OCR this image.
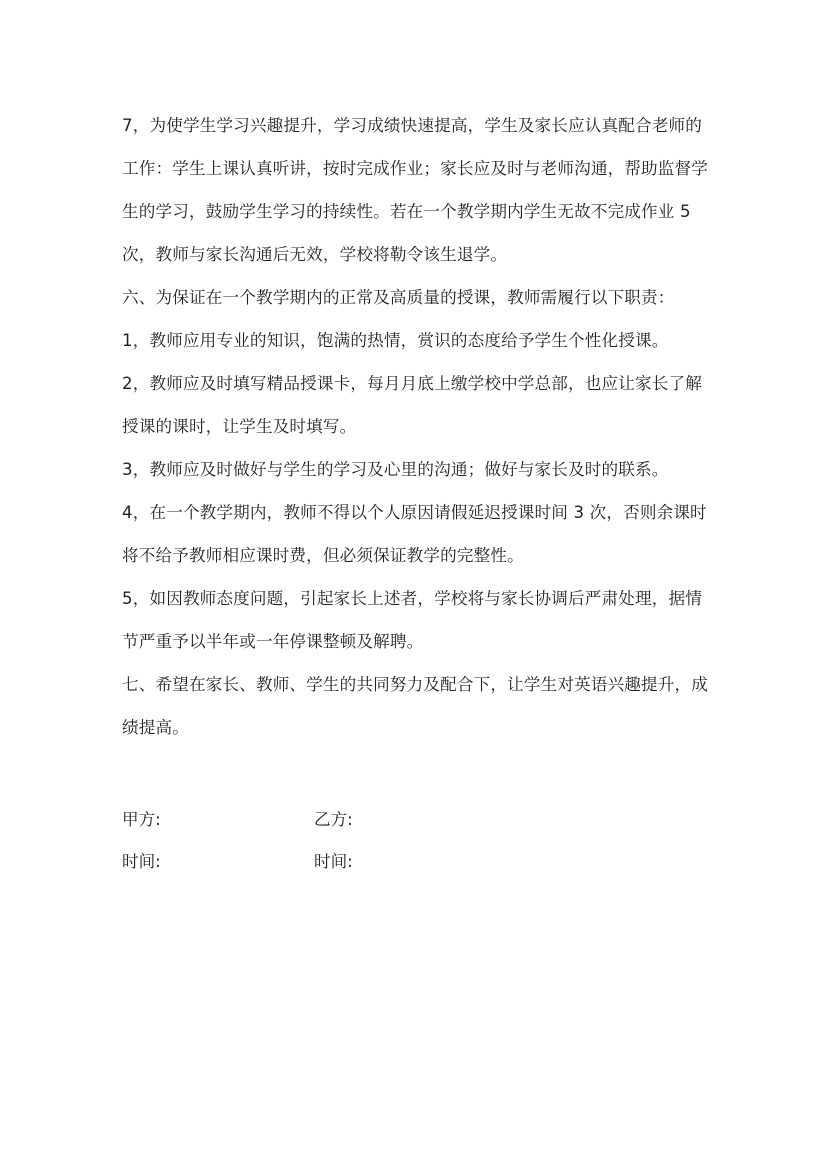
7，为使学生学习兴趣提升，学习成绩快速提高，学生及家长应认真配合老师的
工作：学生上课认真听讲，按时完成作业；家长应及时与老师沟通，帮助监督学
生的学习，鼓励学生学习的持续性。若在一个教学期内学生无故不完成作业 5
次，教师与家长沟通后无效，学校将勒令该生退学。
六、为保证在一个教学期内的正常及高质量的授课，教师需履行以下职责：
1，教师应用专业的知识，饱满的热情，赏识的态度给予学生个性化授课。
2，教师应及时填写精品授课卡，每月月底上缴学校中学总部，也应让家长了解
授课的课时，让学生及时填写。
3，教师应及时做好与学生的学习及心里的沟通；做好与家长及时的联系。
4，在一个教学期内，教师不得以个人原因请假延迟授课时间 3 次，否则余课时
将不给予教师相应课时费，但必须保证教学的完整性。
5，如因教师态度问题，引起家长上述者，学校将与家长协调后严肃处理，据情
节严重予以半年或一年停课整顿及解聘。
七、希望在家长、教师、学生的共同努力及配合下，让学生对英语兴趣提升，成
绩提高。
甲方:	乙方:
时间:	时间:
